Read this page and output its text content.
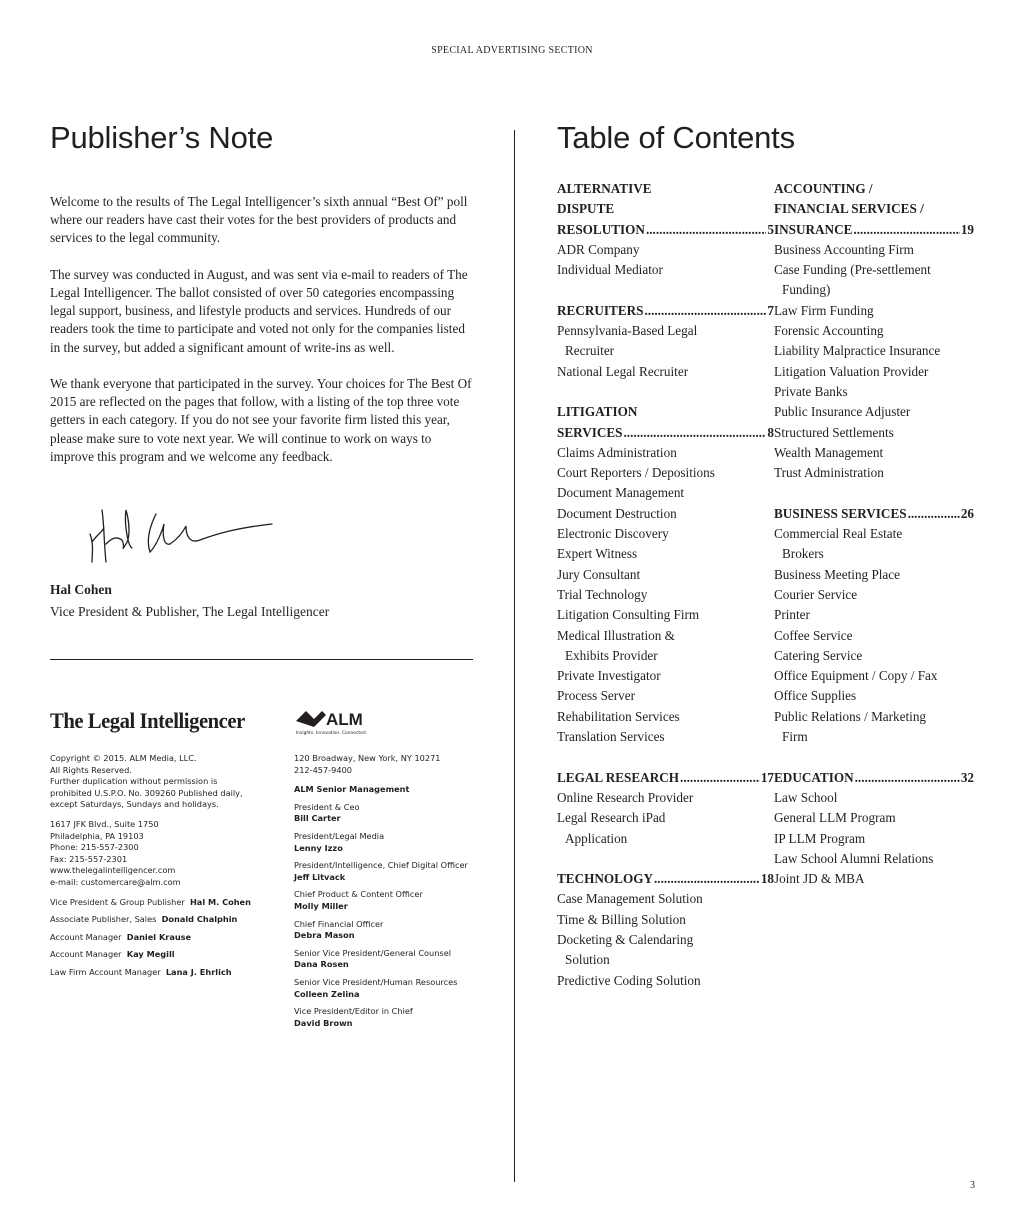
SPECIAL ADVERTISING SECTION
Publisher’s Note

Welcome to the results of The Legal Intelligencer’s sixth annual “Best Of” poll where our readers have cast their votes for the best providers of products and services to the legal community.

The survey was conducted in August, and was sent via e-mail to readers of The Legal Intelligencer. The ballot consisted of over 50 categories encompassing legal support, business, and lifestyle products and services. Hundreds of our readers took the time to participate and voted not only for the companies listed in the survey, but added a significant amount of write-ins as well.

We thank everyone that participated in the survey. Your choices for The Best Of 2015 are reflected on the pages that follow, with a listing of the top three vote getters in each category. If you do not see your favorite firm listed this year, please make sure to vote next year. We will continue to work on ways to improve this program and we welcome any feedback.

Hal Cohen
Vice President & Publisher, The Legal Intelligencer
The Legal Intelligencer	ALM
Insights. Innovation. Connected.
Copyright © 2015. ALM Media, LLC.
All Rights Reserved.
Further duplication without permission is
prohibited U.S.P.O. No. 309260 Published daily,
except Saturdays, Sundays and holidays.
1617 JFK Blvd., Suite 1750
Philadelphia, PA 19103
Phone: 215-557-2300
Fax: 215-557-2301
www.thelegalintelligencer.com
e-mail: customercare@alm.com
Vice President & Group Publisher Hal M. Cohen
Associate Publisher, Sales Donald Chalphin
Account Manager Daniel Krause
Account Manager Kay Megill
Law Firm Account Manager Lana J. Ehrlich
120 Broadway, New York, NY 10271
212-457-9400
ALM Senior Management
President & Ceo
Bill Carter
President/Legal Media
Lenny Izzo
President/Intelligence, Chief Digital Officer
Jeff Litvack
Chief Product & Content Officer
Molly Miller
Chief Financial Officer
Debra Mason
Senior Vice President/General Counsel
Dana Rosen
Senior Vice President/Human Resources
Colleen Zelina
Vice President/Editor in Chief
David Brown
Table of Contents
ALTERNATIVE
DISPUTE
RESOLUTION .....	5
ADR Company
Individual Mediator
RECRUITERS .....	7
Pennsylvania-Based Legal
Recruiter
National Legal Recruiter
LITIGATION
SERVICES .....	8
Claims Administration
Court Reporters / Depositions
Document Management
Document Destruction
Electronic Discovery
Expert Witness
Jury Consultant
Trial Technology
Litigation Consulting Firm
Medical Illustration &
Exhibits Provider
Private Investigator
Process Server
Rehabilitation Services
Translation Services
LEGAL RESEARCH .....	17
Online Research Provider
Legal Research iPad
Application
TECHNOLOGY .....	18
Case Management Solution
Time & Billing Solution
Docketing & Calendaring
Solution
Predictive Coding Solution
ACCOUNTING /
FINANCIAL SERVICES /
INSURANCE .....	19
Business Accounting Firm
Case Funding (Pre-settlement
Funding)
Law Firm Funding
Forensic Accounting
Liability Malpractice Insurance
Litigation Valuation Provider
Private Banks
Public Insurance Adjuster
Structured Settlements
Wealth Management
Trust Administration
BUSINESS SERVICES .....	26
Commercial Real Estate
Brokers
Business Meeting Place
Courier Service
Printer
Coffee Service
Catering Service
Office Equipment / Copy / Fax
Office Supplies
Public Relations / Marketing
Firm
EDUCATION .....	32
Law School
General LLM Program
IP LLM Program
Law School Alumni Relations
Joint JD & MBA
3
